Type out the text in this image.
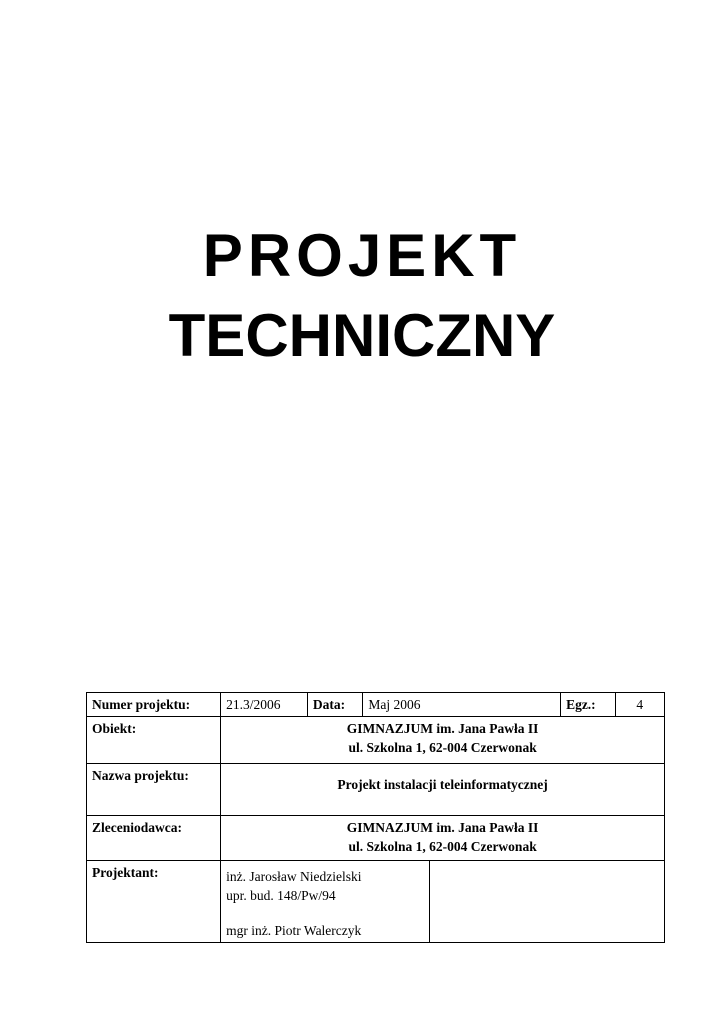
PROJEKT
TECHNICZNY
Numer projektu:	21.3/2006	Data:	Maj 2006		Egz.:	4
Obiekt:	GIMNAZJUM im. Jana Pawła II
ul. Szkolna 1, 62-004 Czerwonak					

Nazwa projektu:	Projekt instalacji teleinformatycznej					
Zleceniodawca:	GIMNAZJUM im. Jana Pawła II
ul. Szkolna 1, 62-004 Czerwonak					

Projektant:	inż. Jarosław Niedzielski
upr. bud. 148/Pw/94
mgr inż. Piotr Walerczyk					
